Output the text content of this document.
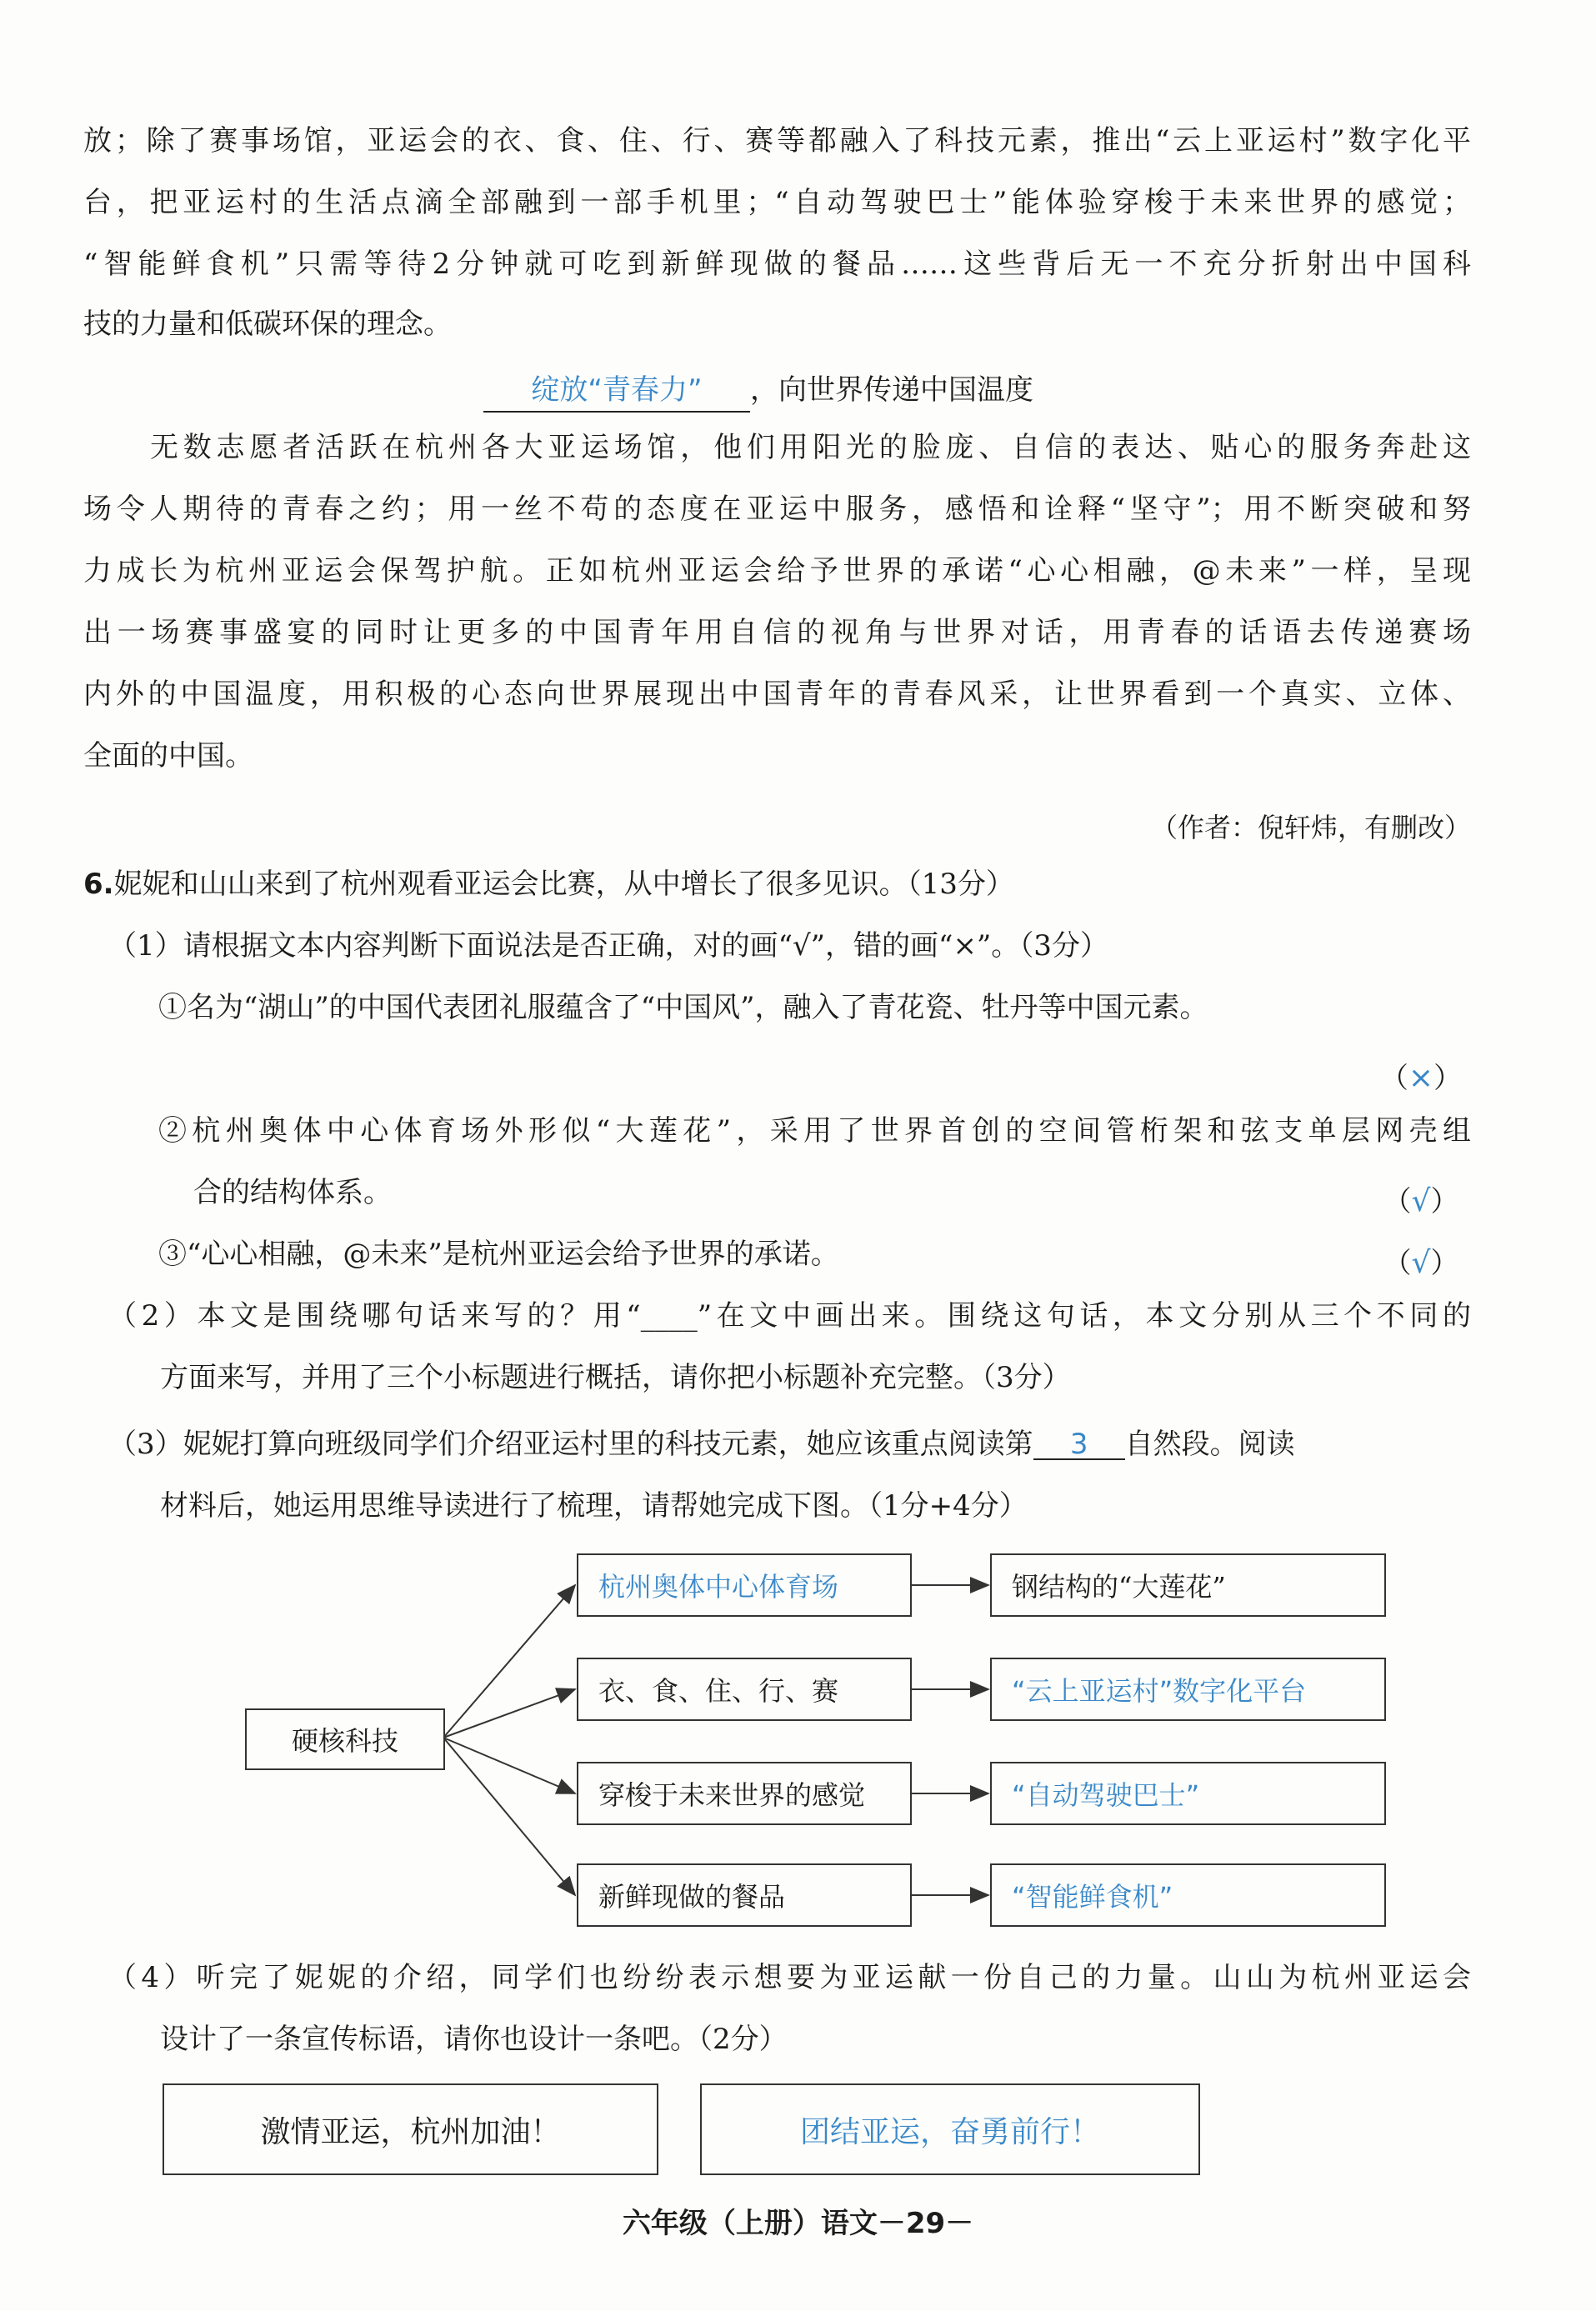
放；除了赛事场馆，亚运会的衣、食、住、行、赛等都融入了科技元素，推出“云上亚运村”数字化平
台，把亚运村的生活点滴全部融到一部手机里；“自动驾驶巴士”能体验穿梭于未来世界的感觉；
“智能鲜食机”只需等待2分钟就可吃到新鲜现做的餐品……这些背后无一不充分折射出中国科
技的力量和低碳环保的理念。
绽放“青春力” ，向世界传递中国温度
无数志愿者活跃在杭州各大亚运场馆，他们用阳光的脸庞、自信的表达、贴心的服务奔赴这
场令人期待的青春之约；用一丝不苟的态度在亚运中服务，感悟和诠释“坚守”；用不断突破和努
力成长为杭州亚运会保驾护航。正如杭州亚运会给予世界的承诺“心心相融，@未来”一样，呈现
出一场赛事盛宴的同时让更多的中国青年用自信的视角与世界对话，用青春的话语去传递赛场
内外的中国温度，用积极的心态向世界展现出中国青年的青春风采，让世界看到一个真实、立体、
全面的中国。
（作者：倪轩炜，有删改）
6.妮妮和山山来到了杭州观看亚运会比赛，从中增长了很多见识。（13分）
（1）请根据文本内容判断下面说法是否正确，对的画“√”，错的画“×”。（3分）
①名为“湖山”的中国代表团礼服蕴含了“中国风”，融入了青花瓷、牡丹等中国元素。
（×）
②杭州奥体中心体育场外形似“大莲花”，采用了世界首创的空间管桁架和弦支单层网壳组
合的结构体系。	（√）
③“心心相融，@未来”是杭州亚运会给予世界的承诺。	（√）
（2）本文是围绕哪句话来写的？用“____”在文中画出来。围绕这句话，本文分别从三个不同的
方面来写，并用了三个小标题进行概括，请你把小标题补充完整。（3分）
（3）妮妮打算向班级同学们介绍亚运村里的科技元素，她应该重点阅读第 3 自然段。阅读
材料后，她运用思维导读进行了梳理，请帮她完成下图。（1分+4分）
硬核科技
杭州奥体中心体育场	钢结构的“大莲花”
衣、食、住、行、赛	“云上亚运村”数字化平台
穿梭于未来世界的感觉	“自动驾驶巴士”
新鲜现做的餐品	“智能鲜食机”
（4）听完了妮妮的介绍，同学们也纷纷表示想要为亚运献一份自己的力量。山山为杭州亚运会
设计了一条宣传标语，请你也设计一条吧。（2分）
激情亚运，杭州加油！	团结亚运，奋勇前行！
六年级（上册）语文－29－
